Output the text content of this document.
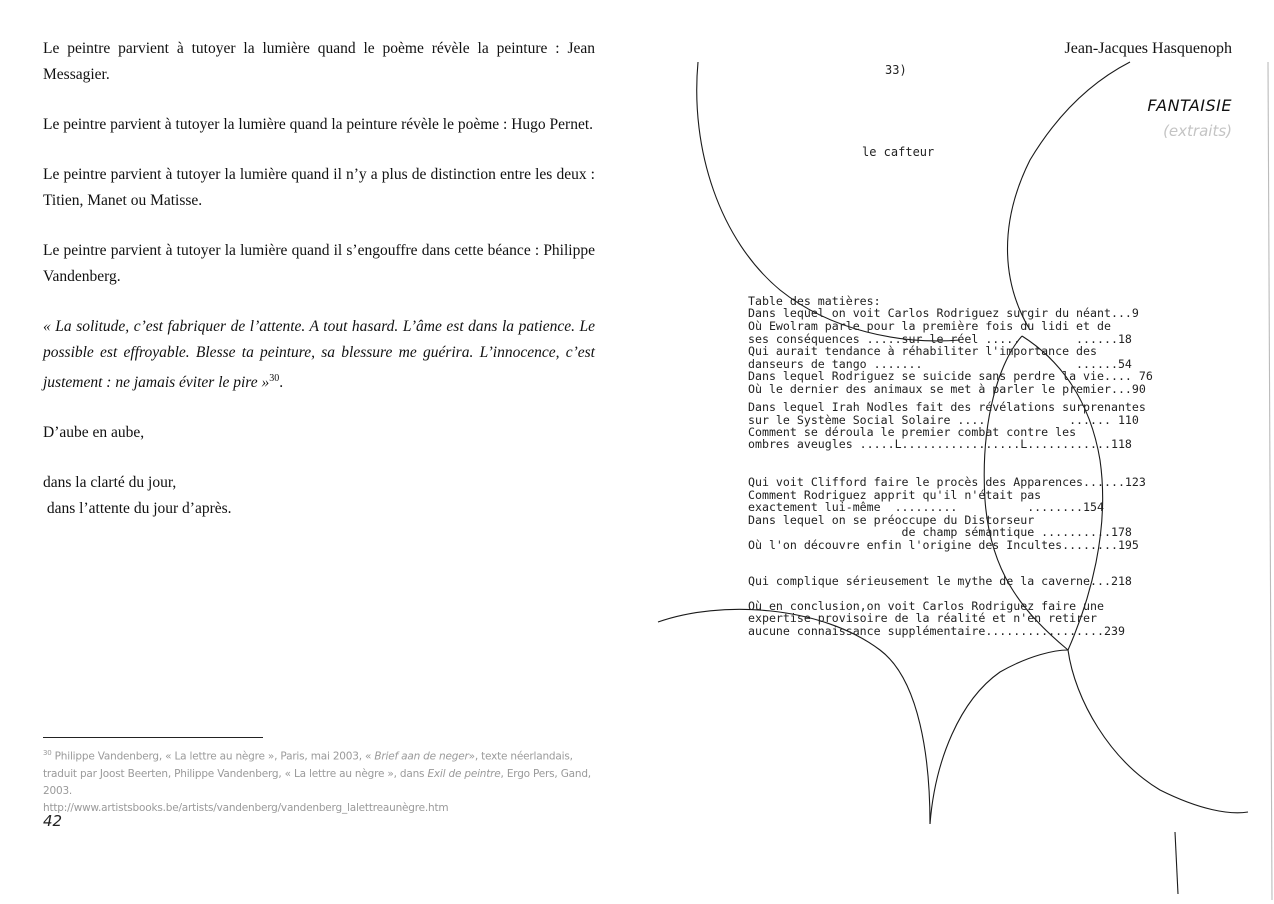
Le peintre parvient à tutoyer la lumière quand le poème révèle la peinture : Jean Messagier.

Le peintre parvient à tutoyer la lumière quand la peinture révèle le poème : Hugo Pernet.

Le peintre parvient à tutoyer la lumière quand il n’y a plus de distinction entre les deux : Titien, Manet ou Matisse.

Le peintre parvient à tutoyer la lumière quand il s’engouffre dans cette béance : Philippe Vandenberg.

« La solitude, c’est fabriquer de l’attente. A tout hasard. L’âme est dans la patience. Le possible est effroyable. Blesse ta peinture, sa blessure me guérira. L’innocence, c’est justement : ne jamais éviter le pire »$^{30}$.

D’aube en aube,

dans la clarté du jour,

dans l’attente du jour d’après.

$^{30}$ Philippe Vandenberg, « La lettre au nègre », Paris, mai 2003, « Brief aan de neger», texte néerlandais, traduit par Joost Beerten, Philippe Vandenberg, « La lettre au nègre », dans Exil de peintre, Ergo Pers, Gand, 2003.
http://www.artistsbooks.be/artists/vandenberg/vandenberg_lalettreaunègre.htm
42
Jean-Jacques Hasquenoph
FANTAISIE
(extraits)
33)
le cafteur
Table des matières:
Dans lequel on voit Carlos Rodriguez surgir du néant...9
Où Ewolram parle pour la première fois du lidi et de
ses conséquences .....sur le réel .....        ......18
Qui aurait tendance à réhabiliter l'importance des
danseurs de tango .......                      ......54
Dans lequel Rodriguez se suicide sans perdre la vie.... 76
Où le dernier des animaux se met à parler le premier...90
Dans lequel Irah Nodles fait des révélations surprenantes
sur le Système Social Solaire ....            ...... 110
Comment se déroula le premier combat contre les
ombres aveugles .....L.................L............118
Qui voit Clifford faire le procès des Apparences......123
Comment Rodriguez apprit qu'il n'était pas
exactement lui-même  .........          ........154
Dans lequel on se préoccupe du Distorseur
de champ sémantique ..........178
Où l'on découvre enfin l'origine des Incultes........195
Qui complique sérieusement le mythe de la caverne...218
Où en conclusion,on voit Carlos Rodriguez faire une
expertise provisoire de la réalité et n'en retirer
aucune connaissance supplémentaire.................239
